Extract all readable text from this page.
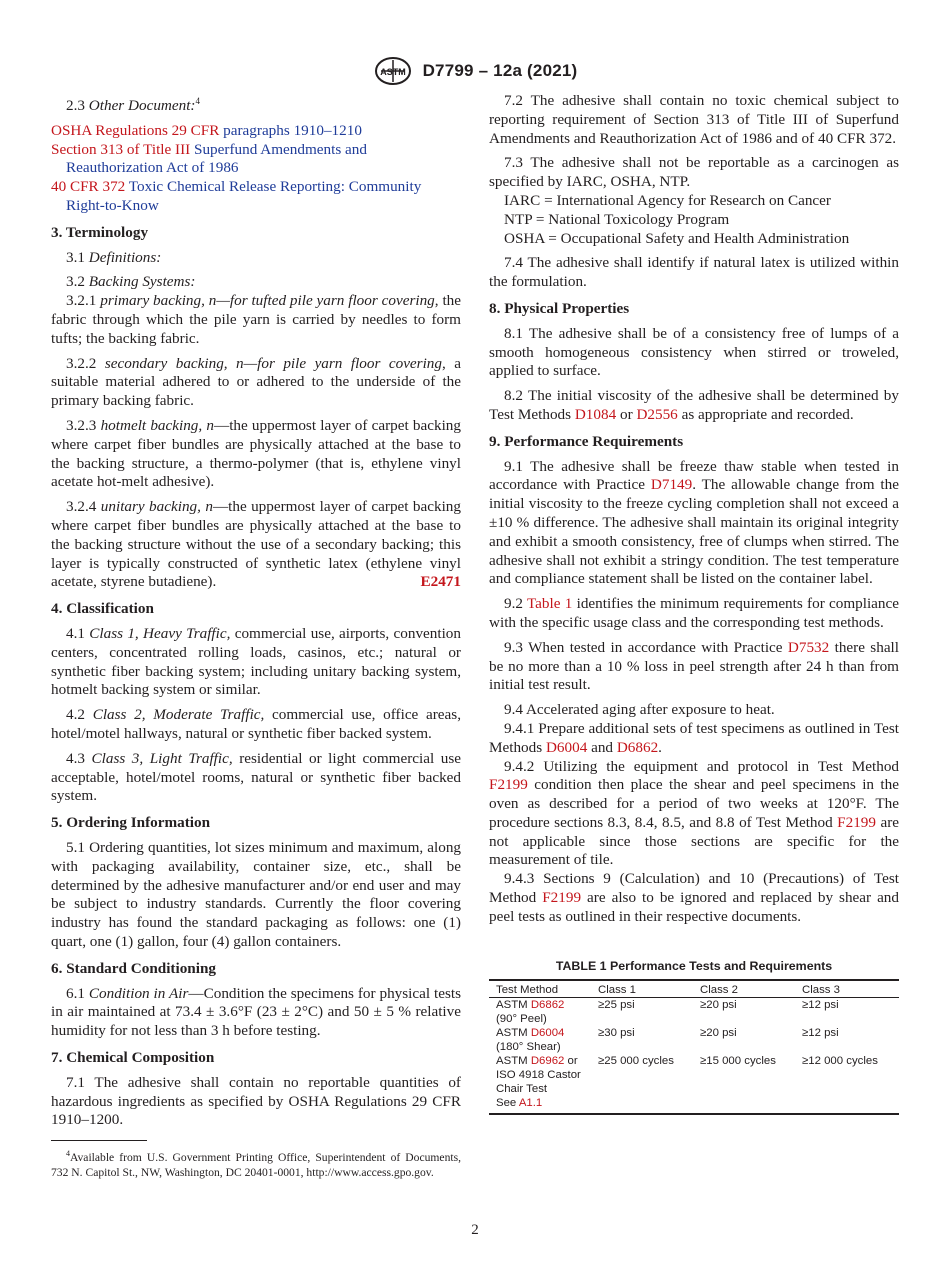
ASTM D7799 – 12a (2021)

2.3 Other Document:$^4$

OSHA Regulations 29 CFR paragraphs 1910–1210

Section 313 of Title III Superfund Amendments and Reauthorization Act of 1986

40 CFR 372 Toxic Chemical Release Reporting: Community Right-to-Know

3. Terminology

3.1 Definitions:

3.2 Backing Systems:

3.2.1 primary backing, n—for tufted pile yarn floor covering, the fabric through which the pile yarn is carried by needles to form tufts; the backing fabric.

3.2.2 secondary backing, n—for pile yarn floor covering, a suitable material adhered to or adhered to the underside of the primary backing fabric.

3.2.3 hotmelt backing, n—the uppermost layer of carpet backing where carpet fiber bundles are physically attached at the base to the backing structure, a thermo-polymer (that is, ethylene vinyl acetate hot-melt adhesive).

3.2.4 unitary backing, n—the uppermost layer of carpet backing where carpet fiber bundles are physically attached at the base to the backing structure without the use of a secondary backing; this layer is typically constructed of synthetic latex (ethylene vinyl acetate, styrene butadiene).	E2471

4. Classification

4.1 Class 1, Heavy Traffic, commercial use, airports, convention centers, concentrated rolling loads, casinos, etc.; natural or synthetic fiber backing system; including unitary backing system, hotmelt backing system or similar.

4.2 Class 2, Moderate Traffic, commercial use, office areas, hotel/motel hallways, natural or synthetic fiber backed system.

4.3 Class 3, Light Traffic, residential or light commercial use acceptable, hotel/motel rooms, natural or synthetic fiber backed system.

5. Ordering Information

5.1 Ordering quantities, lot sizes minimum and maximum, along with packaging availability, container size, etc., shall be determined by the adhesive manufacturer and/or end user and may be subject to industry standards. Currently the floor covering industry has found the standard packaging as follows: one (1) quart, one (1) gallon, four (4) gallon containers.

6. Standard Conditioning

6.1 Condition in Air—Condition the specimens for physical tests in air maintained at 73.4 ± 3.6°F (23 ± 2°C) and 50 ± 5 % relative humidity for not less than 3 h before testing.

7. Chemical Composition

7.1 The adhesive shall contain no reportable quantities of hazardous ingredients as specified by OSHA Regulations 29 CFR 1910–1200.

$^4$Available from U.S. Government Printing Office, Superintendent of Documents, 732 N. Capitol St., NW, Washington, DC 20401-0001, http://www.access.gpo.gov.

7.2 The adhesive shall contain no toxic chemical subject to reporting requirement of Section 313 of Title III of Superfund Amendments and Reauthorization Act of 1986 and of 40 CFR 372.

7.3 The adhesive shall not be reportable as a carcinogen as specified by IARC, OSHA, NTP.

IARC = International Agency for Research on Cancer

NTP = National Toxicology Program

OSHA = Occupational Safety and Health Administration

7.4 The adhesive shall identify if natural latex is utilized within the formulation.

8. Physical Properties

8.1 The adhesive shall be of a consistency free of lumps of a smooth homogeneous consistency when stirred or troweled, applied to surface.

8.2 The initial viscosity of the adhesive shall be determined by Test Methods D1084 or D2556 as appropriate and recorded.

9. Performance Requirements

9.1 The adhesive shall be freeze thaw stable when tested in accordance with Practice D7149. The allowable change from the initial viscosity to the freeze cycling completion shall not exceed a ±10 % difference. The adhesive shall maintain its original integrity and exhibit a smooth consistency, free of clumps when stirred. The adhesive shall not exhibit a stringy condition. The test temperature and compliance statement shall be listed on the container label.

9.2 Table 1 identifies the minimum requirements for compliance with the specific usage class and the corresponding test methods.

9.3 When tested in accordance with Practice D7532 there shall be no more than a 10 % loss in peel strength after 24 h than from initial test result.

9.4 Accelerated aging after exposure to heat.

9.4.1 Prepare additional sets of test specimens as outlined in Test Methods D6004 and D6862.

9.4.2 Utilizing the equipment and protocol in Test Method F2199 condition then place the shear and peel specimens in the oven as described for a period of two weeks at 120°F. The procedure sections 8.3, 8.4, 8.5, and 8.8 of Test Method F2199 are not applicable since those sections are specific for the measurement of tile.

9.4.3 Sections 9 (Calculation) and 10 (Precautions) of Test Method F2199 are also to be ignored and replaced by shear and peel tests as outlined in their respective documents.

TABLE 1 Performance Tests and Requirements
Test Method	Class 1	Class 2	Class 3
ASTM D6862
(90° Peel)	≥25 psi	≥20 psi	≥12 psi
ASTM D6004
(180° Shear)	≥30 psi	≥20 psi	≥12 psi
ASTM D6962 or
ISO 4918 Castor
Chair Test
See A1.1	≥25 000 cycles	≥15 000 cycles	≥12 000 cycles
2
